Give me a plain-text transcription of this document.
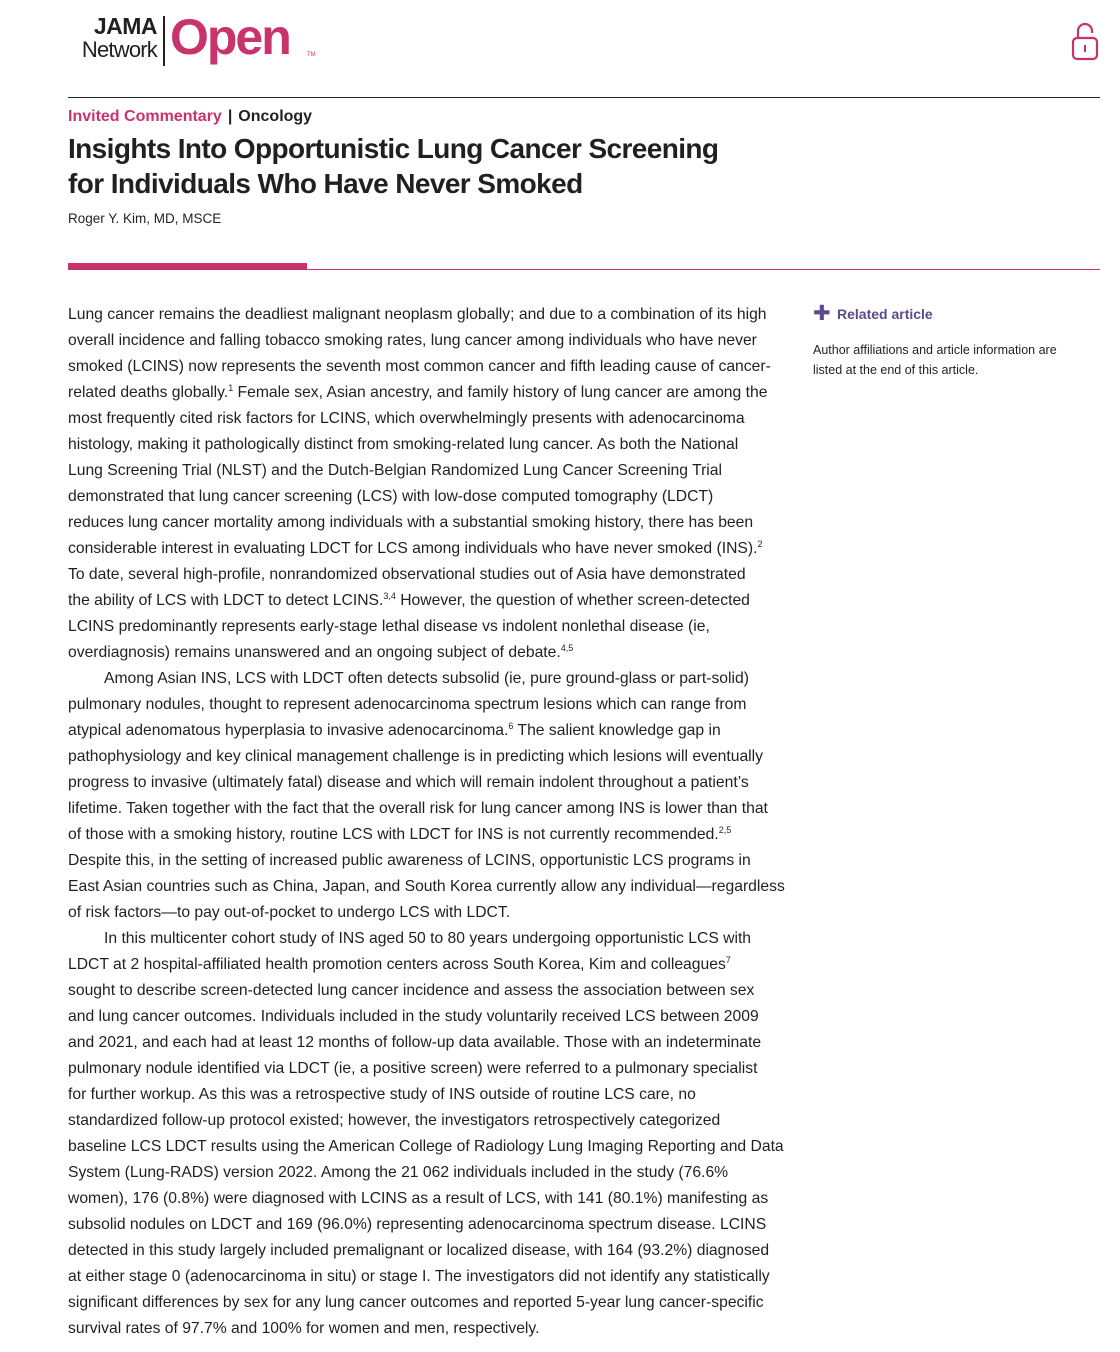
JAMA
Network Open	TM
Invited Commentary | Oncology
Insights Into Opportunistic Lung Cancer Screening
for Individuals Who Have Never Smoked
Roger Y. Kim, MD, MSCE
Lung cancer remains the deadliest malignant neoplasm globally; and due to a combination of its high
overall incidence and falling tobacco smoking rates, lung cancer among individuals who have never
smoked (LCINS) now represents the seventh most common cancer and fifth leading cause of cancer-
related deaths globally.$^1$ Female sex, Asian ancestry, and family history of lung cancer are among the
most frequently cited risk factors for LCINS, which overwhelmingly presents with adenocarcinoma
histology, making it pathologically distinct from smoking-related lung cancer. As both the National
Lung Screening Trial (NLST) and the Dutch-Belgian Randomized Lung Cancer Screening Trial
demonstrated that lung cancer screening (LCS) with low-dose computed tomography (LDCT)
reduces lung cancer mortality among individuals with a substantial smoking history, there has been
considerable interest in evaluating LDCT for LCS among individuals who have never smoked (INS).$^2$
To date, several high-profile, nonrandomized observational studies out of Asia have demonstrated
the ability of LCS with LDCT to detect LCINS.$^{3,4}$ However, the question of whether screen-detected
LCINS predominantly represents early-stage lethal disease vs indolent nonlethal disease (ie,
overdiagnosis) remains unanswered and an ongoing subject of debate.$^{4,5}$
Among Asian INS, LCS with LDCT often detects subsolid (ie, pure ground-glass or part-solid)
pulmonary nodules, thought to represent adenocarcinoma spectrum lesions which can range from
atypical adenomatous hyperplasia to invasive adenocarcinoma.$^6$ The salient knowledge gap in
pathophysiology and key clinical management challenge is in predicting which lesions will eventually
progress to invasive (ultimately fatal) disease and which will remain indolent throughout a patient’s
lifetime. Taken together with the fact that the overall risk for lung cancer among INS is lower than that
of those with a smoking history, routine LCS with LDCT for INS is not currently recommended.$^{2,5}$
Despite this, in the setting of increased public awareness of LCINS, opportunistic LCS programs in
East Asian countries such as China, Japan, and South Korea currently allow any individual—regardless
of risk factors—to pay out-of-pocket to undergo LCS with LDCT.
In this multicenter cohort study of INS aged 50 to 80 years undergoing opportunistic LCS with
LDCT at 2 hospital-affiliated health promotion centers across South Korea, Kim and colleagues$^7$
sought to describe screen-detected lung cancer incidence and assess the association between sex
and lung cancer outcomes. Individuals included in the study voluntarily received LCS between 2009
and 2021, and each had at least 12 months of follow-up data available. Those with an indeterminate
pulmonary nodule identified via LDCT (ie, a positive screen) were referred to a pulmonary specialist
for further workup. As this was a retrospective study of INS outside of routine LCS care, no
standardized follow-up protocol existed; however, the investigators retrospectively categorized
baseline LCS LDCT results using the American College of Radiology Lung Imaging Reporting and Data
System (Lung-RADS) version 2022. Among the 21 062 individuals included in the study (76.6%
women), 176 (0.8%) were diagnosed with LCINS as a result of LCS, with 141 (80.1%) manifesting as
subsolid nodules on LDCT and 169 (96.0%) representing adenocarcinoma spectrum disease. LCINS
detected in this study largely included premalignant or localized disease, with 164 (93.2%) diagnosed
at either stage 0 (adenocarcinoma in situ) or stage I. The investigators did not identify any statistically
significant differences by sex for any lung cancer outcomes and reported 5-year lung cancer-specific
survival rates of 97.7% and 100% for women and men, respectively.
✚ Related article
Author affiliations and article information are
listed at the end of this article.
